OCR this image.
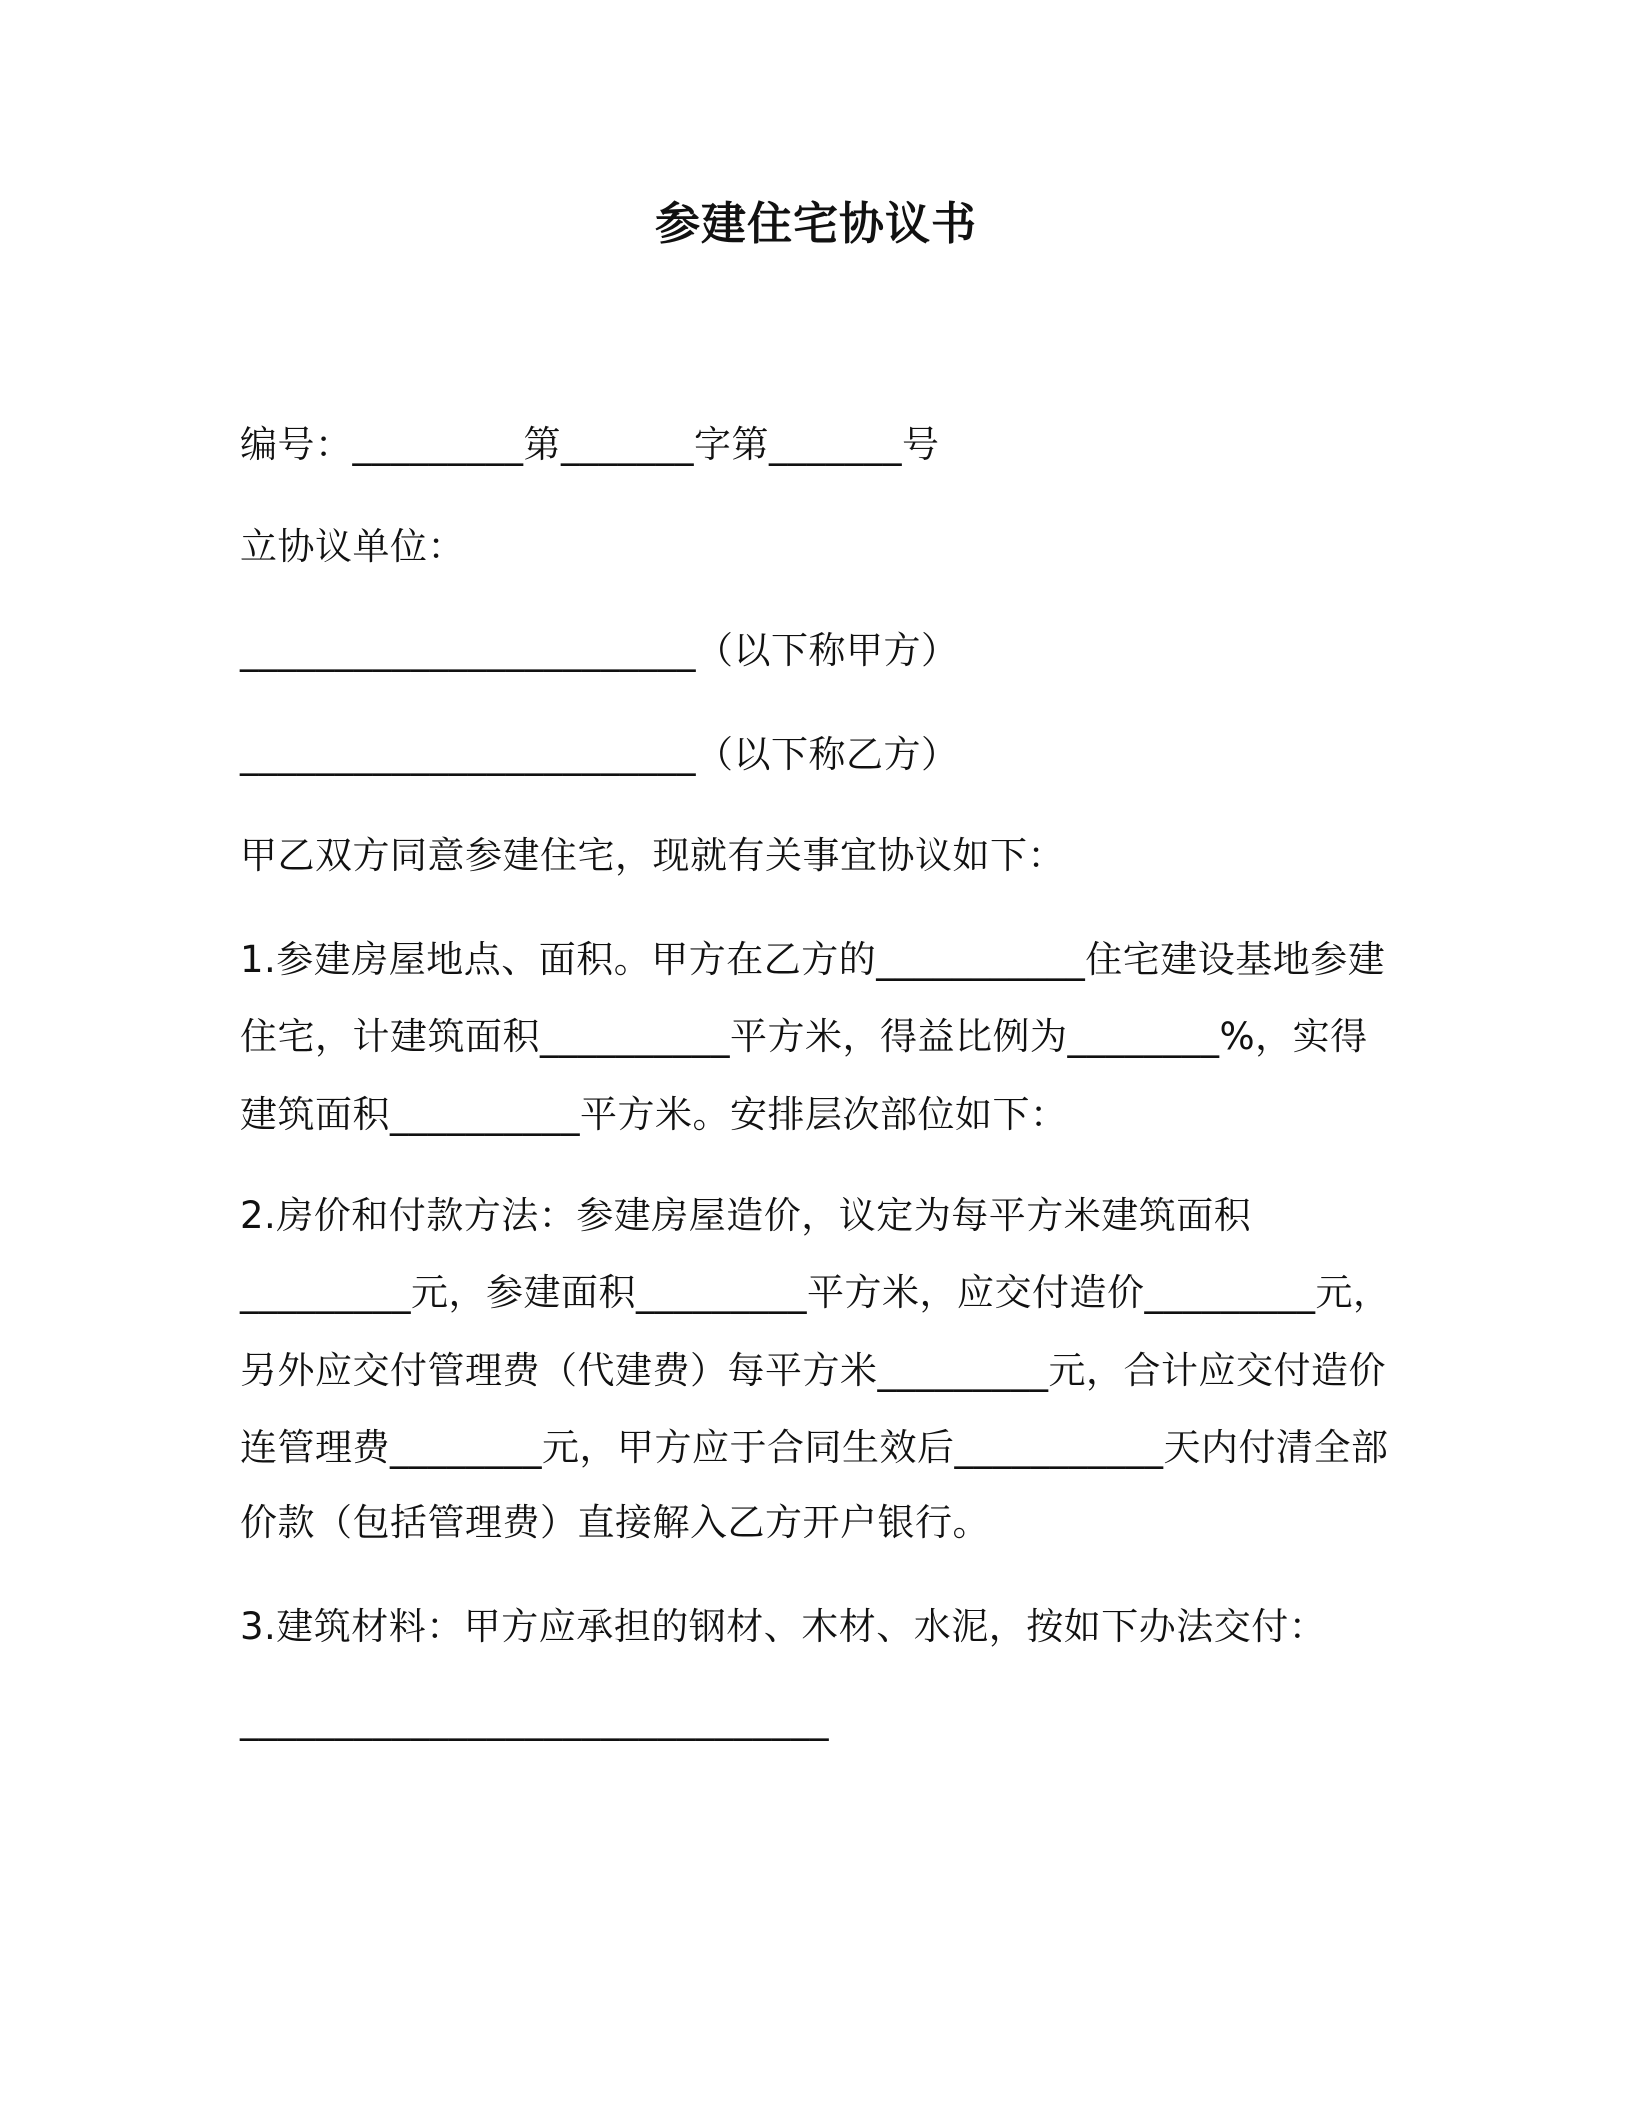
参建住宅协议书
编号：_________第_______字第_______号
立协议单位：
________________________（以下称甲方）
________________________（以下称乙方）
甲乙双方同意参建住宅，现就有关事宜协议如下：
1.参建房屋地点、面积。甲方在乙方的___________住宅建设基地参建
住宅，计建筑面积__________平方米，得益比例为________%，实得
建筑面积__________平方米。安排层次部位如下：
2.房价和付款方法：参建房屋造价，议定为每平方米建筑面积
_________元，参建面积_________平方米，应交付造价_________元，
另外应交付管理费（代建费）每平方米_________元，合计应交付造价
连管理费________元，甲方应于合同生效后___________天内付清全部
价款（包括管理费）直接解入乙方开户银行。
3.建筑材料：甲方应承担的钢材、木材、水泥，按如下办法交付：
_______________________________
